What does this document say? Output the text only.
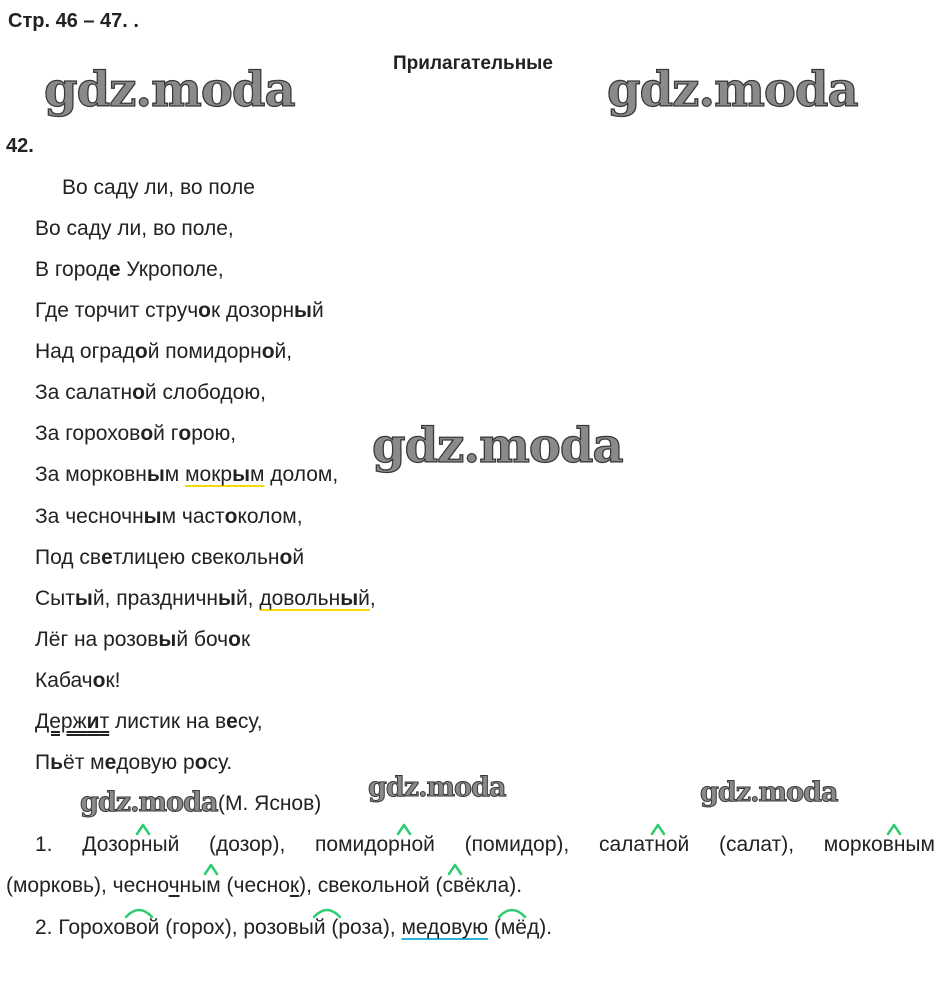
Стр. 46 – 47. .
Прилагательные
gdz.moda	gdz.moda
gdz.moda
gdz.moda	gdz.moda	gdz.moda
42.
Во саду ли, во поле
Во саду ли, во поле,
В городе Укрополе,
Где торчит стручок дозорный
Над оградой помидорной,
За салатной слободою,
За гороховой горою,
За морковным мокрым долом,
За чесночным частоколом,
Под светлицею свекольной
Сытый, праздничный, довольный,
Лёг на розовый бочок
Кабачок!
Держит листик на весу,
Пьёт медовую росу.
(М. Яснов)
1. Дозорный (дозор), помидорной (помидор), салатной (салат), морковным
(морковь), чесночным (чеснок), свекольной (свёкла).
2. Гороховой (горох), розовый (роза), медовую (мёд).
